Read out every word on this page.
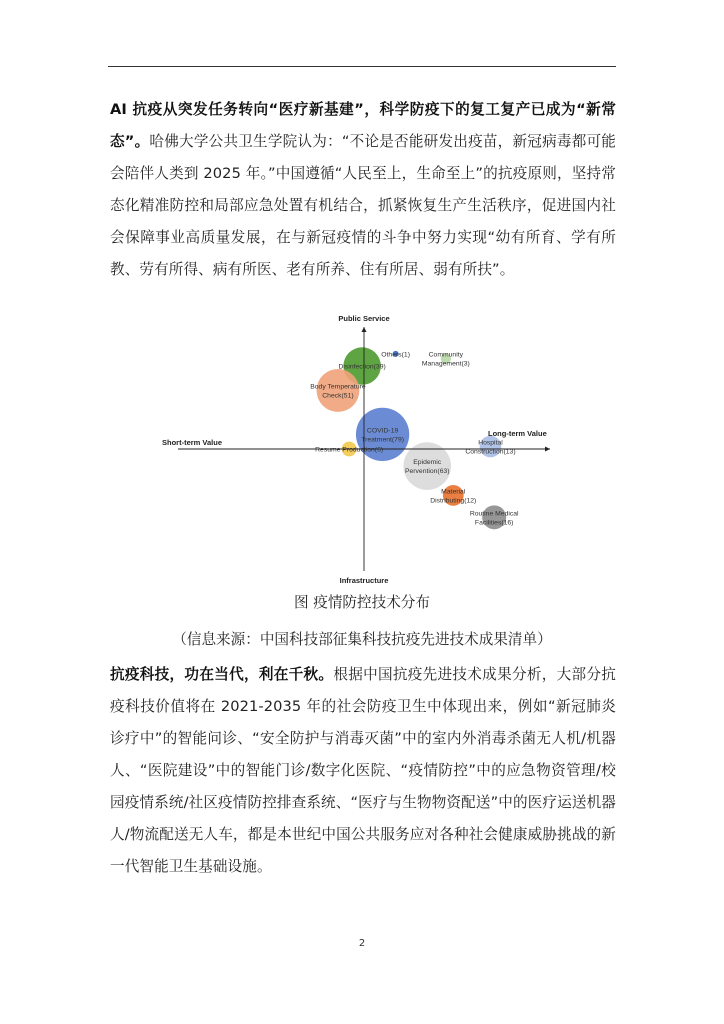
AI 抗疫从突发任务转向“医疗新基建”，科学防疫下的复工复产已成为“新常态”。哈佛大学公共卫生学院认为：“不论是否能研发出疫苗，新冠病毒都可能会陪伴人类到 2025 年。”中国遵循“人民至上，生命至上”的抗疫原则，坚持常态化精准防控和局部应急处置有机结合，抓紧恢复生产生活秩序，促进国内社会保障事业高质量发展，在与新冠疫情的斗争中努力实现“幼有所育、学有所教、劳有所得、病有所医、老有所养、住有所居、弱有所扶”。

Public Service
Infrastructure
Short-term Value
Long-term Value
Disinfection(39)
Others(1)	Community
Management(3)
Body Temperature
Check(51)
COVID-19
Treatment(79)
Resume Production(6)
Epidemic
Pervention(63)
Hospital
Construction(13)
Material
Distributing(12)
Routine Medical
Facilities(16)
图 疫情防控技术分布
（信息来源：中国科技部征集科技抗疫先进技术成果清单）

抗疫科技，功在当代，利在千秋。根据中国抗疫先进技术成果分析，大部分抗疫科技价值将在 2021-2035 年的社会防疫卫生中体现出来，例如“新冠肺炎诊疗中”的智能问诊、“安全防护与消毒灭菌”中的室内外消毒杀菌无人机/机器人、“医院建设”中的智能门诊/数字化医院、“疫情防控”中的应急物资管理/校园疫情系统/社区疫情防控排查系统、“医疗与生物物资配送”中的医疗运送机器人/物流配送无人车，都是本世纪中国公共服务应对各种社会健康威胁挑战的新一代智能卫生基础设施。

2
